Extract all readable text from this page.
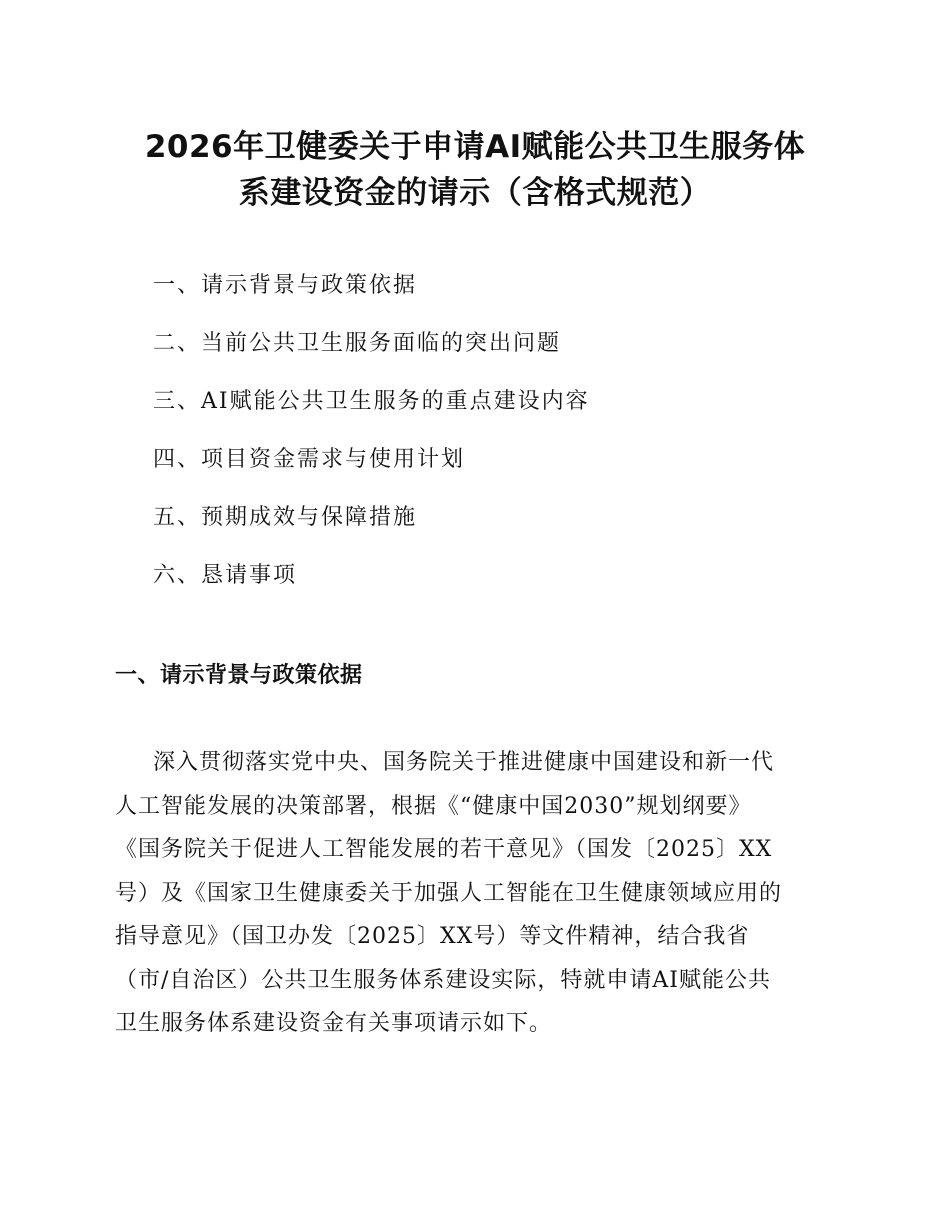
2026年卫健委关于申请AI赋能公共卫生服务体
系建设资金的请示（含格式规范）
一、请示背景与政策依据
二、当前公共卫生服务面临的突出问题
三、AI赋能公共卫生服务的重点建设内容
四、项目资金需求与使用计划
五、预期成效与保障措施
六、恳请事项
一、请示背景与政策依据

深入贯彻落实党中央、国务院关于推进健康中国建设和新一代
人工智能发展的决策部署，根据《“健康中国2030”规划纲要》
《国务院关于促进人工智能发展的若干意见》（国发〔2025〕XX
号）及《国家卫生健康委关于加强人工智能在卫生健康领域应用的
指导意见》（国卫办发〔2025〕XX号）等文件精神，结合我省
（市/自治区）公共卫生服务体系建设实际，特就申请AI赋能公共
卫生服务体系建设资金有关事项请示如下。
